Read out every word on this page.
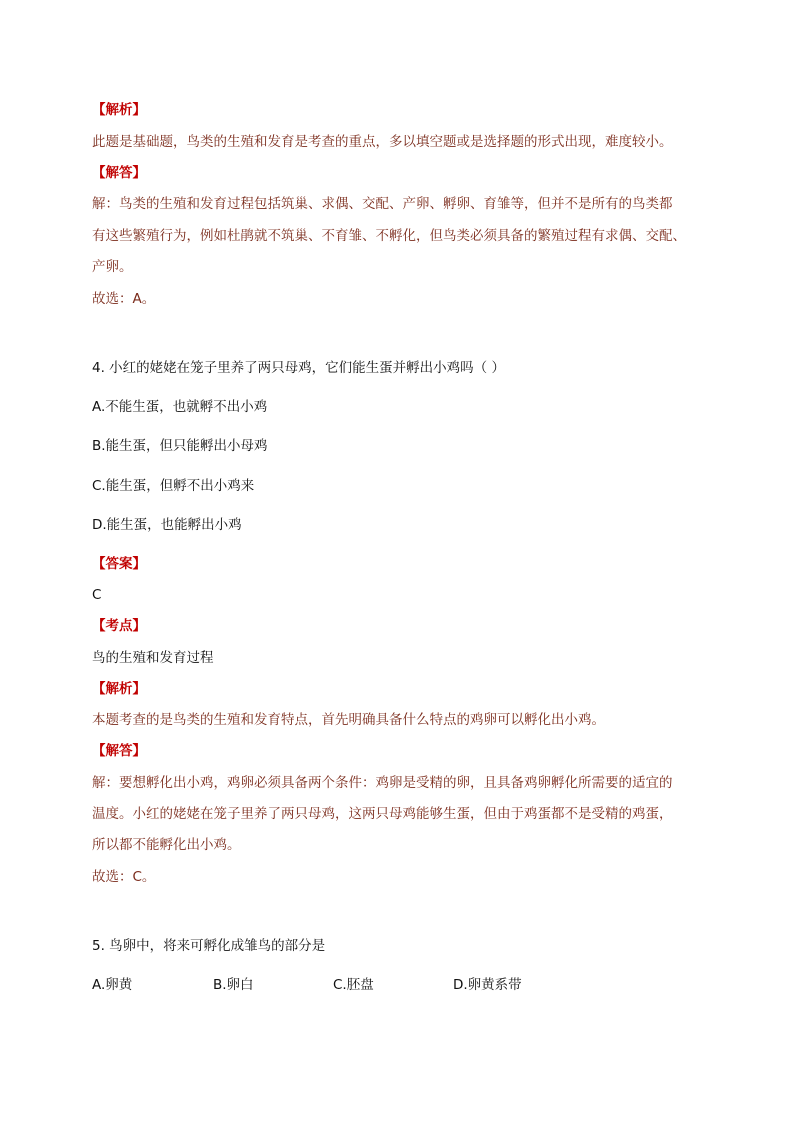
【解析】
此题是基础题，鸟类的生殖和发育是考查的重点，多以填空题或是选择题的形式出现，难度较小。
【解答】
解：鸟类的生殖和发育过程包括筑巢、求偶、交配、产卵、孵卵、育雏等，但并不是所有的鸟类都
有这些繁殖行为，例如杜鹃就不筑巢、不育雏、不孵化，但鸟类必须具备的繁殖过程有求偶、交配、
产卵。
故选：A。
4. 小红的姥姥在笼子里养了两只母鸡，它们能生蛋并孵出小鸡吗（ ）
A.不能生蛋，也就孵不出小鸡
B.能生蛋，但只能孵出小母鸡
C.能生蛋，但孵不出小鸡来
D.能生蛋，也能孵出小鸡
【答案】
C
【考点】
鸟的生殖和发育过程
【解析】
本题考查的是鸟类的生殖和发育特点，首先明确具备什么特点的鸡卵可以孵化出小鸡。
【解答】
解：要想孵化出小鸡，鸡卵必须具备两个条件：鸡卵是受精的卵，且具备鸡卵孵化所需要的适宜的
温度。小红的姥姥在笼子里养了两只母鸡，这两只母鸡能够生蛋，但由于鸡蛋都不是受精的鸡蛋，
所以都不能孵化出小鸡。
故选：C。
5. 鸟卵中，将来可孵化成雏鸟的部分是
A.卵黄	B.卵白	C.胚盘	D.卵黄系带
